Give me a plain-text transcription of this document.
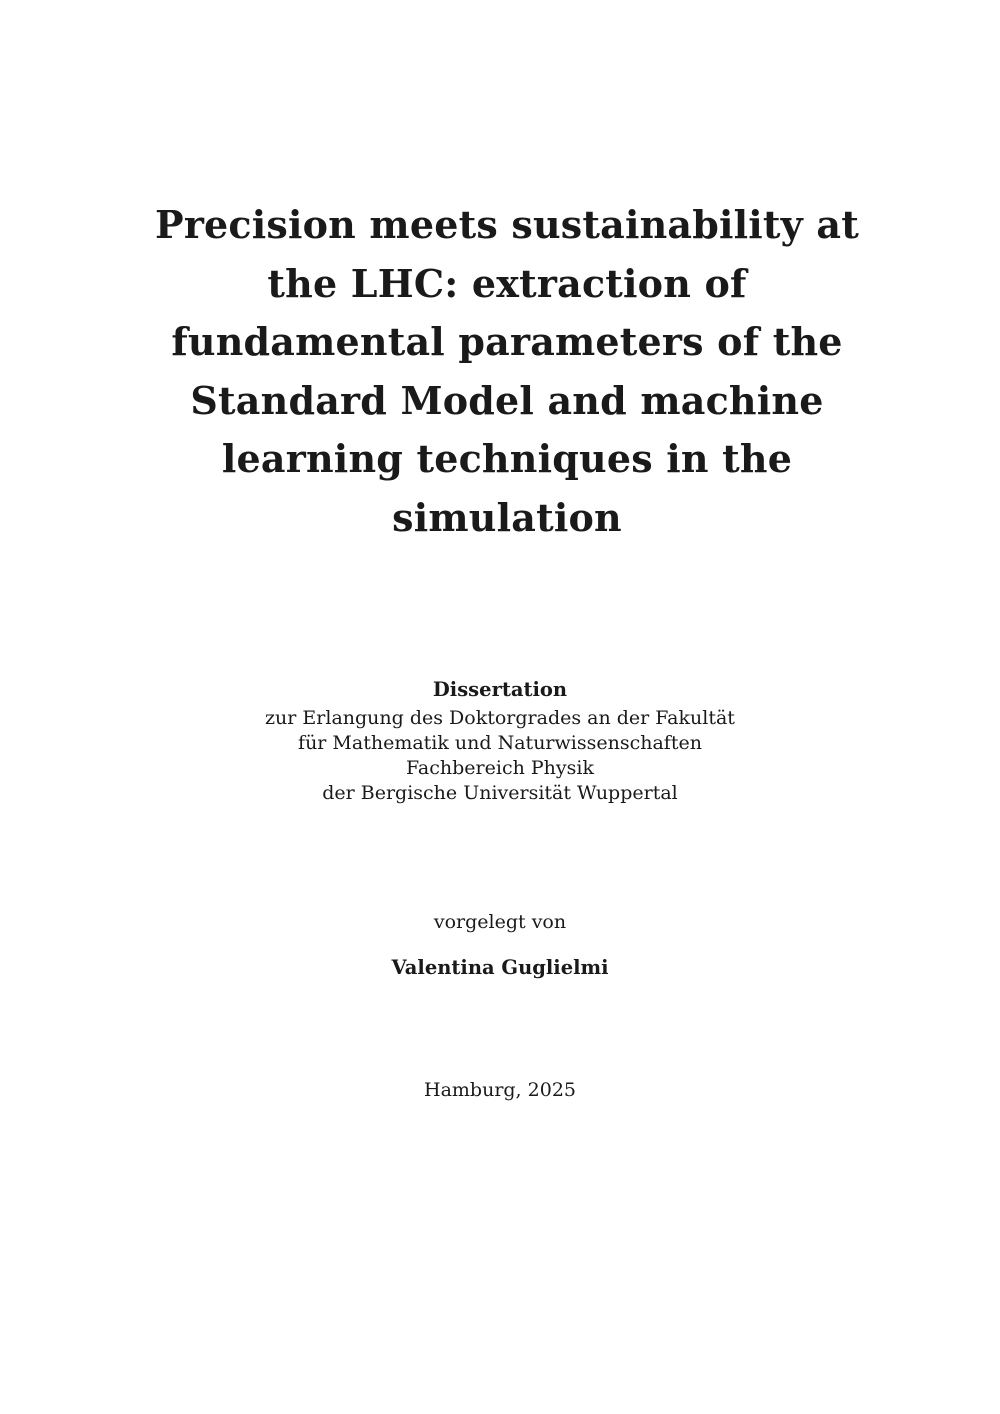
Precision meets sustainability at
the LHC: extraction of
fundamental parameters of the
Standard Model and machine
learning techniques in the
simulation
Dissertation
zur Erlangung des Doktorgrades an der Fakultät
für Mathematik und Naturwissenschaften
Fachbereich Physik
der Bergische Universität Wuppertal
vorgelegt von
Valentina Guglielmi
Hamburg, 2025
